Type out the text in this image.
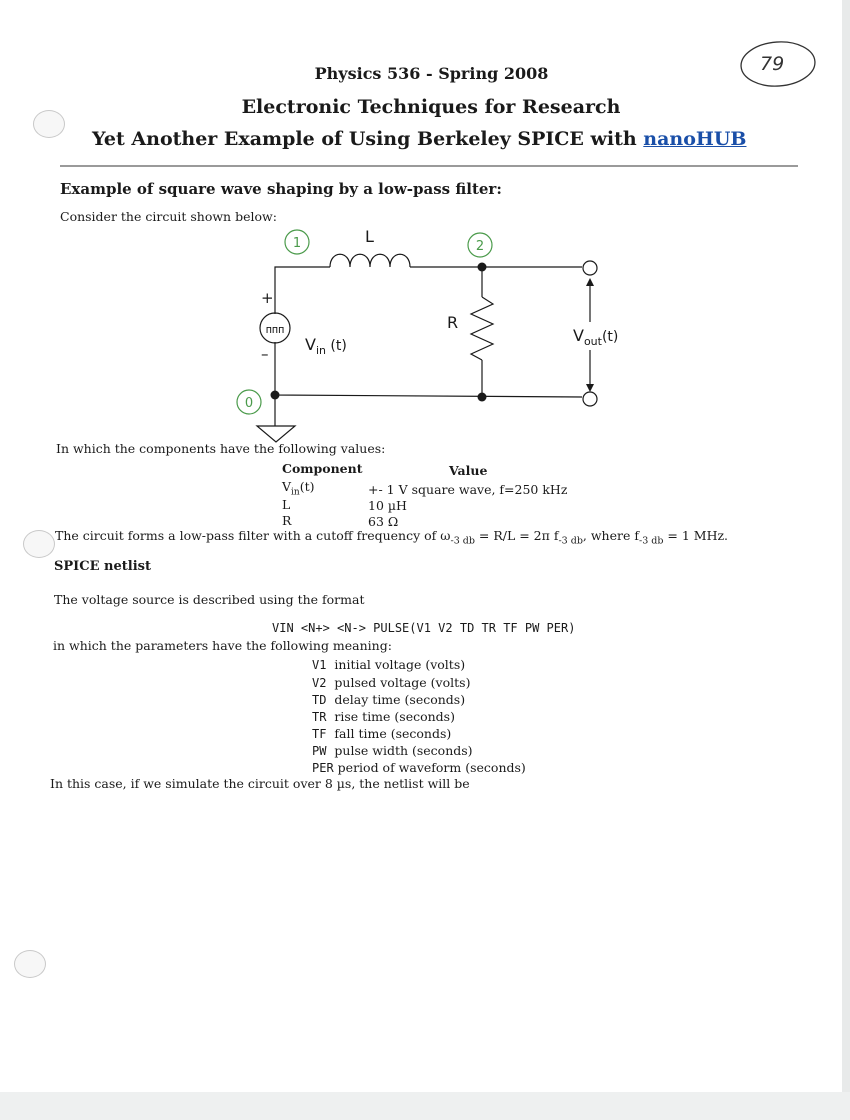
79
Physics 536 - Spring 2008
Electronic Techniques for Research
Yet Another Example of Using Berkeley SPICE with nanoHUB
Example of square wave shaping by a low-pass filter:
Consider the circuit shown below:
1	2
0
L
R
ᴨᴨᴨ
+
– $V_{in}$ (t)
$V_{out}(t)$
In which the components have the following values:
Component	Value
$V_{in}(t)$	+- 1 V square wave, f=250 kHz
L	10 µH
R	63 Ω
The circuit forms a low-pass filter with a cutoff frequency of $\omega_{-3 db} = R/L = 2\pi$ $f_{-3 db}$, where $f_{-3 db} = 1$ MHz.
SPICE netlist
The voltage source is described using the format
VIN <N+> <N-> PULSE(V1 V2 TD TR TF PW PER)
in which the parameters have the following meaning:
V1 initial voltage (volts)
V2 pulsed voltage (volts)
TD delay time (seconds)
TR rise time (seconds)
TF fall time (seconds)
PW pulse width (seconds)
PER period of waveform (seconds)
In this case, if we simulate the circuit over 8 µs, the netlist will be
